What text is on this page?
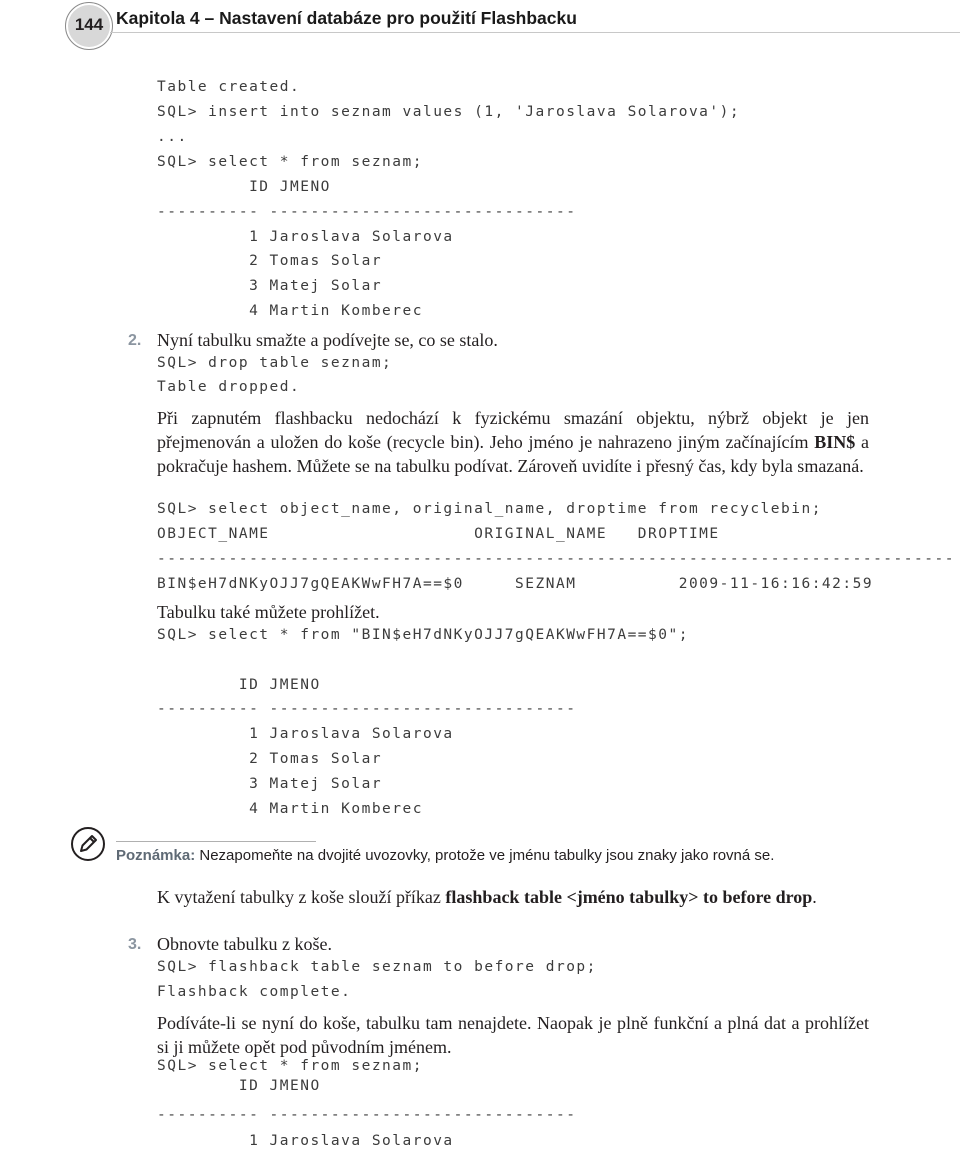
144 Kapitola 4 – Nastavení databáze pro použití Flashbacku

Table created.

SQL> insert into seznam values (1, 'Jaroslava Solarova');

...

SQL> select * from seznam;

ID JMENO

---------- ------------------------------

1 Jaroslava Solarova

2 Tomas Solar

3 Matej Solar

4 Martin Komberec

2. Nyní tabulku smažte a podívejte se, co se stalo.

SQL> drop table seznam;

Table dropped.

Při zapnutém flashbacku nedochází k fyzickému smazání objektu, nýbrž objekt je jen přejmenován a uložen do koše (recycle bin). Jeho jméno je nahrazeno jiným začínajícím BIN$ a pokračuje hashem. Můžete se na tabulku podívat. Zároveň uvidíte i přesný čas, kdy byla smazaná.

SQL> select object_name, original_name, droptime from recyclebin;

OBJECT_NAME                    ORIGINAL_NAME   DROPTIME

------------------------------------------------------------------------------

BIN$eH7dNKyOJJ7gQEAKWwFH7A==$0     SEZNAM          2009-11-16:16:42:59

Tabulku také můžete prohlížet.

SQL> select * from "BIN$eH7dNKyOJJ7gQEAKWwFH7A==$0";

ID JMENO

---------- ------------------------------

1 Jaroslava Solarova

2 Tomas Solar

3 Matej Solar

4 Martin Komberec

Poznámka: Nezapomeňte na dvojité uvozovky, protože ve jménu tabulky jsou znaky jako rovná se.
K vytažení tabulky z koše slouží příkaz flashback table <jméno tabulky> to before drop.
3. Obnovte tabulku z koše.

SQL> flashback table seznam to before drop;

Flashback complete.

Podíváte-li se nyní do koše, tabulku tam nenajdete. Naopak je plně funkční a plná dat a prohlížet si ji můžete opět pod původním jménem.

SQL> select * from seznam;

ID JMENO

---------- ------------------------------

1 Jaroslava Solarova
